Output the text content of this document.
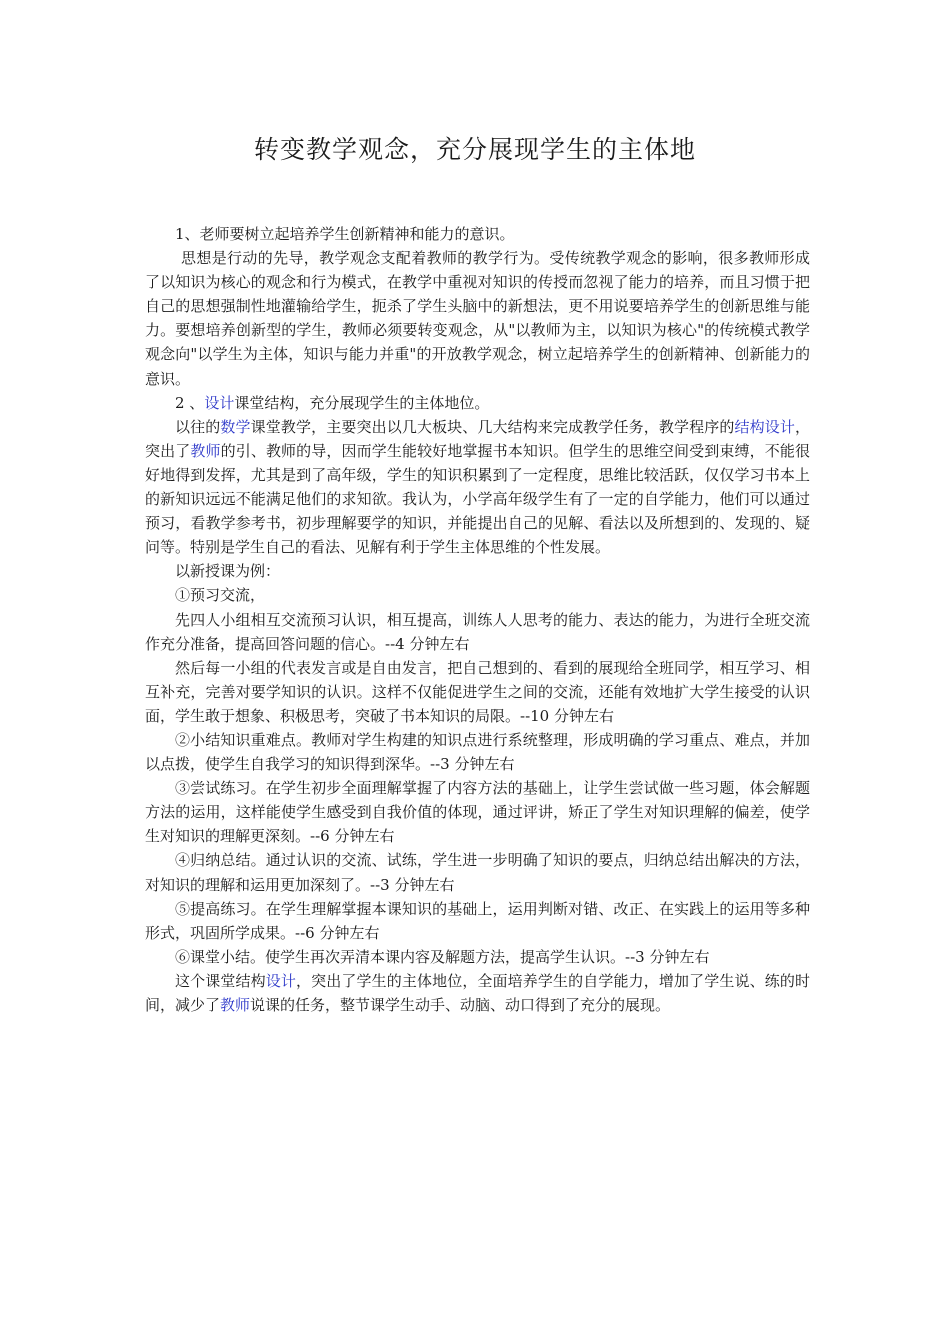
转变教学观念，充分展现学生的主体地

1、老师要树立起培养学生创新精神和能力的意识。

思想是行动的先导，教学观念支配着教师的教学行为。受传统教学观念的影响，很多教师形成了以知识为核心的观念和行为模式，在教学中重视对知识的传授而忽视了能力的培养，而且习惯于把自己的思想强制性地灌输给学生，扼杀了学生头脑中的新想法，更不用说要培养学生的创新思维与能力。要想培养创新型的学生，教师必须要转变观念，从"以教师为主，以知识为核心"的传统模式教学观念向"以学生为主体，知识与能力并重"的开放教学观念，树立起培养学生的创新精神、创新能力的意识。

2 、设计课堂结构，充分展现学生的主体地位。

以往的数学课堂教学，主要突出以几大板块、几大结构来完成教学任务，教学程序的结构设计，突出了教师的引、教师的导，因而学生能较好地掌握书本知识。但学生的思维空间受到束缚，不能很好地得到发挥，尤其是到了高年级，学生的知识积累到了一定程度，思维比较活跃，仅仅学习书本上的新知识远远不能满足他们的求知欲。我认为，小学高年级学生有了一定的自学能力，他们可以通过预习，看教学参考书，初步理解要学的知识，并能提出自己的见解、看法以及所想到的、发现的、疑问等。特别是学生自己的看法、见解有利于学生主体思维的个性发展。

以新授课为例：

①预习交流，

先四人小组相互交流预习认识，相互提高，训练人人思考的能力、表达的能力，为进行全班交流作充分准备，提高回答问题的信心。--4 分钟左右

然后每一小组的代表发言或是自由发言，把自己想到的、看到的展现给全班同学，相互学习、相互补充，完善对要学知识的认识。这样不仅能促进学生之间的交流，还能有效地扩大学生接受的认识面，学生敢于想象、积极思考，突破了书本知识的局限。--10 分钟左右

②小结知识重难点。教师对学生构建的知识点进行系统整理，形成明确的学习重点、难点，并加以点拨，使学生自我学习的知识得到深华。--3 分钟左右

③尝试练习。在学生初步全面理解掌握了内容方法的基础上，让学生尝试做一些习题，体会解题方法的运用，这样能使学生感受到自我价值的体现，通过评讲，矫正了学生对知识理解的偏差，使学生对知识的理解更深刻。--6 分钟左右

④归纳总结。通过认识的交流、试练，学生进一步明确了知识的要点，归纳总结出解决的方法，对知识的理解和运用更加深刻了。--3 分钟左右

⑤提高练习。在学生理解掌握本课知识的基础上，运用判断对错、改正、在实践上的运用等多种形式，巩固所学成果。--6 分钟左右

⑥课堂小结。使学生再次弄清本课内容及解题方法，提高学生认识。--3 分钟左右

这个课堂结构设计，突出了学生的主体地位，全面培养学生的自学能力，增加了学生说、练的时间，减少了教师说课的任务，整节课学生动手、动脑、动口得到了充分的展现。
